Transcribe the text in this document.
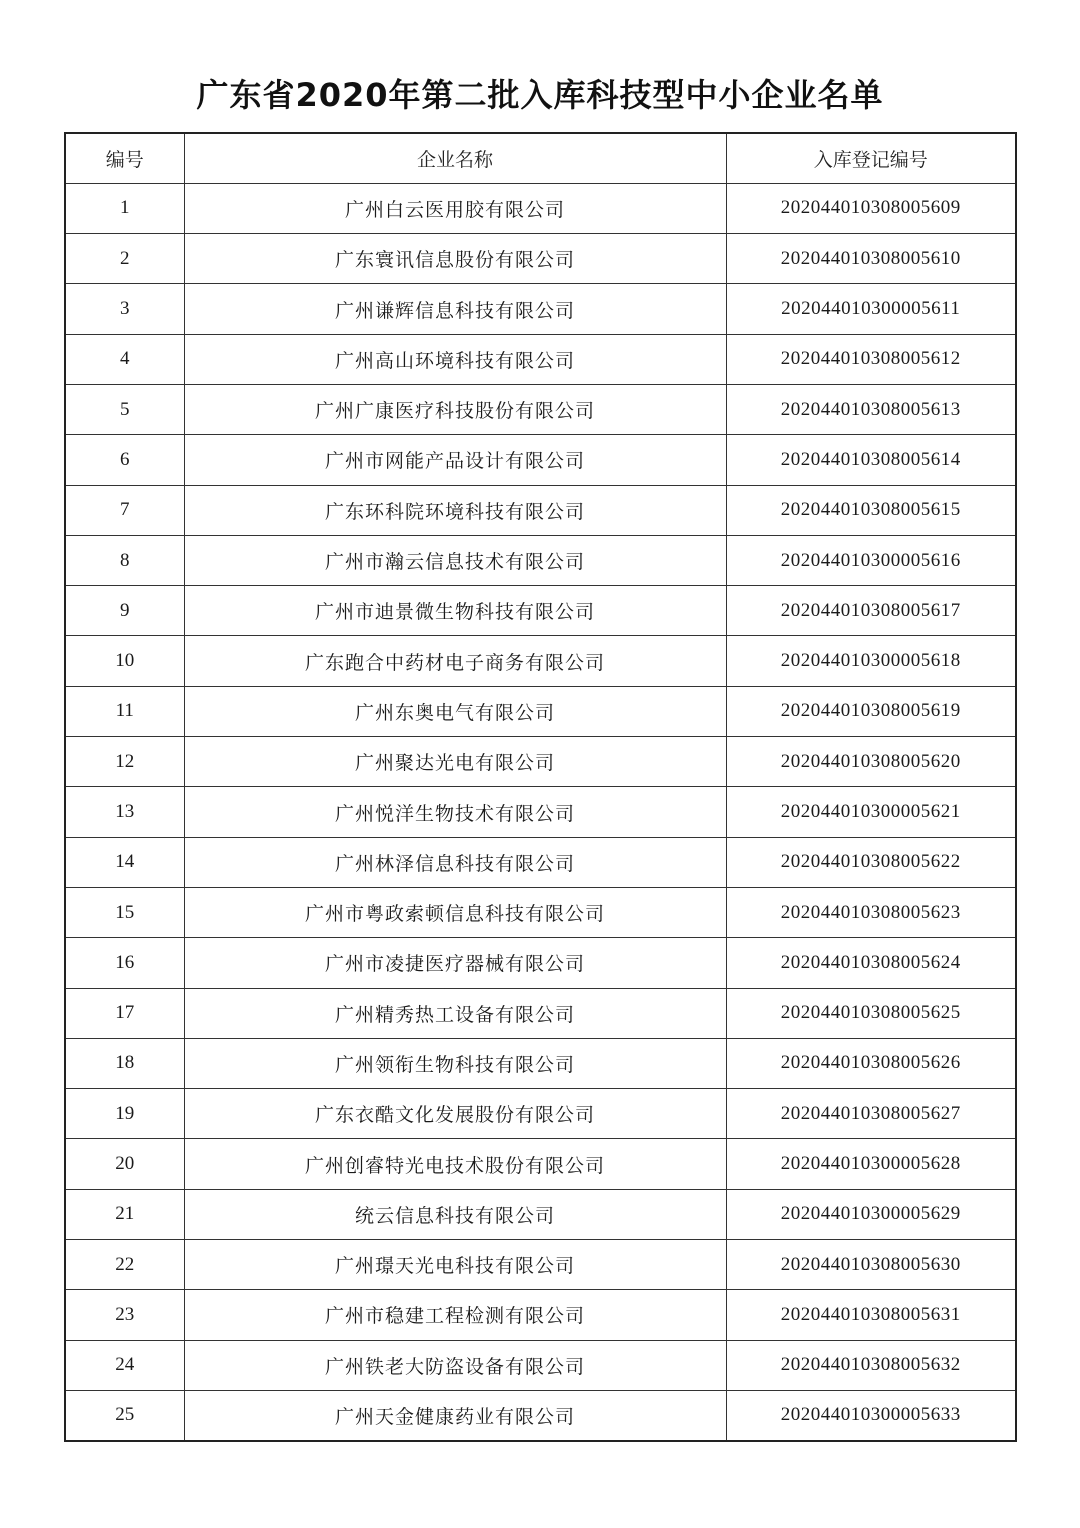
广东省2020年第二批入库科技型中小企业名单
编号	企业名称	入库登记编号
1	广州白云医用胶有限公司	202044010308005609
2	广东寰讯信息股份有限公司	202044010308005610
3	广州谦辉信息科技有限公司	202044010300005611
4	广州高山环境科技有限公司	202044010308005612
5	广州广康医疗科技股份有限公司	202044010308005613
6	广州市网能产品设计有限公司	202044010308005614
7	广东环科院环境科技有限公司	202044010308005615
8	广州市瀚云信息技术有限公司	202044010300005616
9	广州市迪景微生物科技有限公司	202044010308005617
10	广东跑合中药材电子商务有限公司	202044010300005618
11	广州东奥电气有限公司	202044010308005619
12	广州聚达光电有限公司	202044010308005620
13	广州悦洋生物技术有限公司	202044010300005621
14	广州林泽信息科技有限公司	202044010308005622
15	广州市粤政索顿信息科技有限公司	202044010308005623
16	广州市凌捷医疗器械有限公司	202044010308005624
17	广州精秀热工设备有限公司	202044010308005625
18	广州领衔生物科技有限公司	202044010308005626
19	广东衣酷文化发展股份有限公司	202044010308005627
20	广州创睿特光电技术股份有限公司	202044010300005628
21	统云信息科技有限公司	202044010300005629
22	广州璟天光电科技有限公司	202044010308005630
23	广州市稳建工程检测有限公司	202044010308005631
24	广州铁老大防盗设备有限公司	202044010308005632
25	广州天金健康药业有限公司	202044010300005633
